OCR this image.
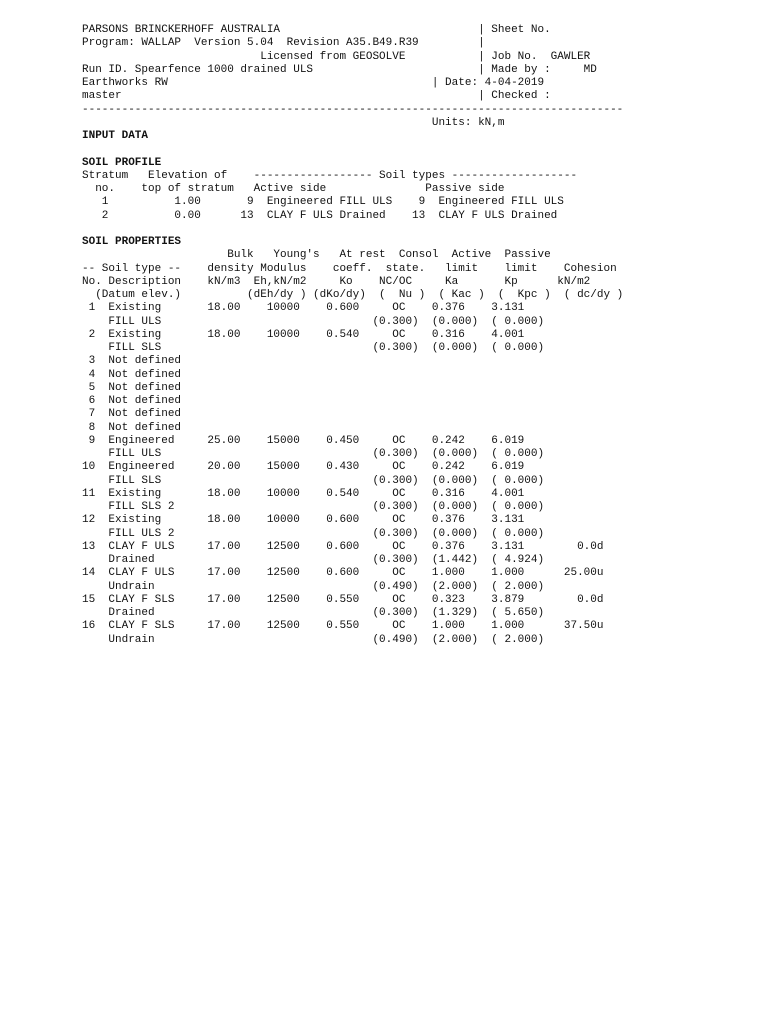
PARSONS BRINCKERHOFF AUSTRALIA                              | Sheet No.
Program: WALLAP  Version 5.04  Revision A35.B49.R39         |
Licensed from GEOSOLVE           | Job No.  GAWLER
Run ID. Spearfence 1000 drained ULS                         | Made by :     MD
Earthworks RW                                        | Date: 4-04-2019
master                                                      | Checked :
----------------------------------------------------------------------------------
Units: kN,m
INPUT DATA
SOIL PROFILE
Stratum   Elevation of    ------------------ Soil types -------------------
no.    top of stratum   Active side               Passive side
1          1.00       9  Engineered FILL ULS    9  Engineered FILL ULS
2          0.00      13  CLAY F ULS Drained    13  CLAY F ULS Drained
SOIL PROPERTIES
Bulk   Young's   At rest  Consol  Active  Passive
-- Soil type --    density Modulus    coeff.  state.   limit    limit    Cohesion
No. Description    kN/m3  Eh,kN/m2     Ko    NC/OC     Ka       Kp      kN/m2
(Datum elev.)          (dEh/dy ) (dKo/dy)  (  Nu )  ( Kac )  (  Kpc )  ( dc/dy )
1  Existing       18.00    10000    0.600     OC    0.376    3.131
FILL ULS                                (0.300)  (0.000)  ( 0.000)
2  Existing       18.00    10000    0.540     OC    0.316    4.001
FILL SLS                                (0.300)  (0.000)  ( 0.000)
3  Not defined
4  Not defined
5  Not defined
6  Not defined
7  Not defined
8  Not defined
9  Engineered     25.00    15000    0.450     OC    0.242    6.019
FILL ULS                                (0.300)  (0.000)  ( 0.000)
10  Engineered     20.00    15000    0.430     OC    0.242    6.019
FILL SLS                                (0.300)  (0.000)  ( 0.000)
11  Existing       18.00    10000    0.540     OC    0.316    4.001
FILL SLS 2                              (0.300)  (0.000)  ( 0.000)
12  Existing       18.00    10000    0.600     OC    0.376    3.131
FILL ULS 2                              (0.300)  (0.000)  ( 0.000)
13  CLAY F ULS     17.00    12500    0.600     OC    0.376    3.131        0.0d
Drained                                 (0.300)  (1.442)  ( 4.924)
14  CLAY F ULS     17.00    12500    0.600     OC    1.000    1.000      25.00u
Undrain                                 (0.490)  (2.000)  ( 2.000)
15  CLAY F SLS     17.00    12500    0.550     OC    0.323    3.879        0.0d
Drained                                 (0.300)  (1.329)  ( 5.650)
16  CLAY F SLS     17.00    12500    0.550     OC    1.000    1.000      37.50u
Undrain                                 (0.490)  (2.000)  ( 2.000)
